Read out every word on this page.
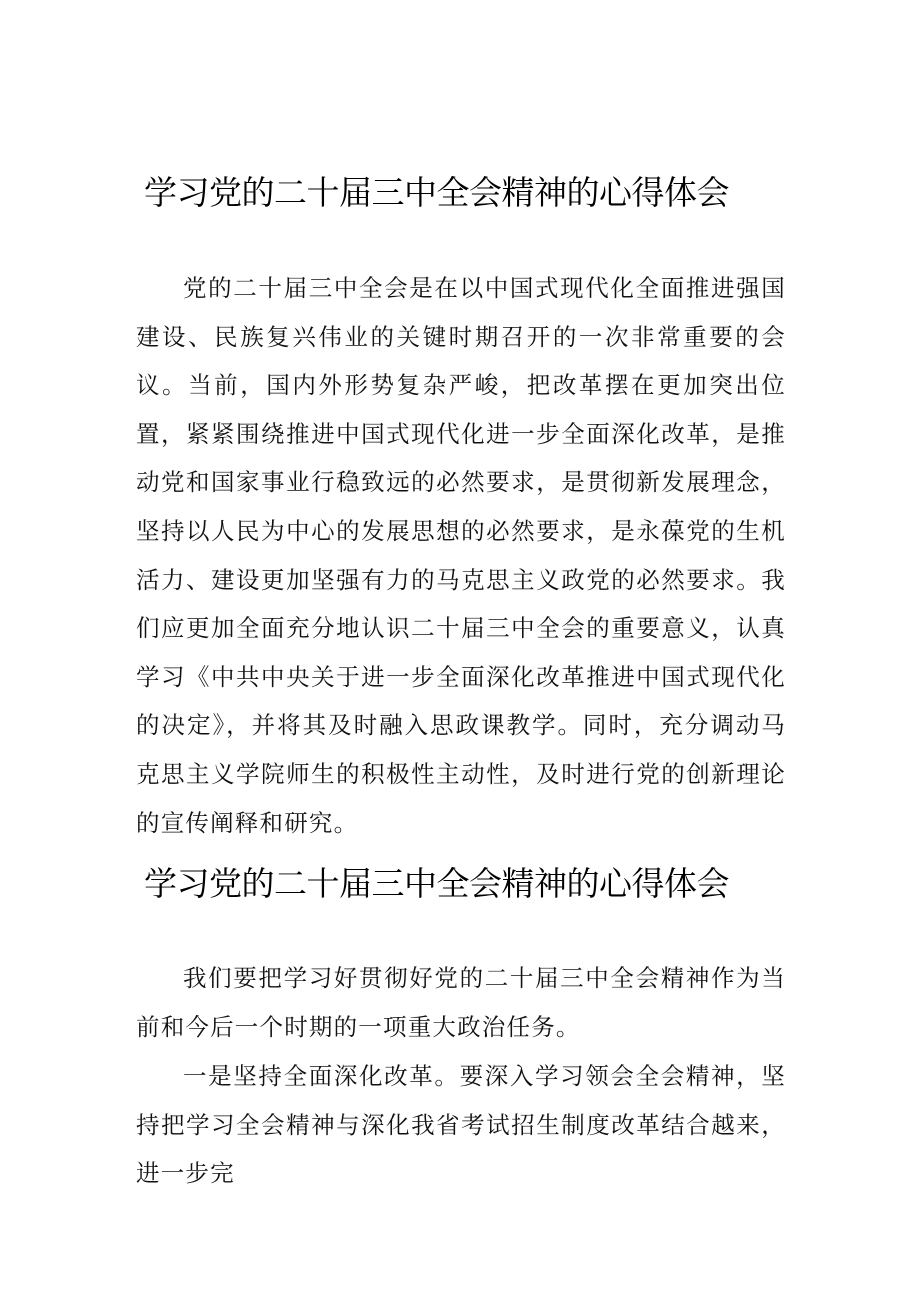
学习党的二十届三中全会精神的心得体会

党的二十届三中全会是在以中国式现代化全面推进强国建设、民族复兴伟业的关键时期召开的一次非常重要的会议。当前，国内外形势复杂严峻，把改革摆在更加突出位置，紧紧围绕推进中国式现代化进一步全面深化改革，是推动党和国家事业行稳致远的必然要求，是贯彻新发展理念，坚持以人民为中心的发展思想的必然要求，是永葆党的生机活力、建设更加坚强有力的马克思主义政党的必然要求。我们应更加全面充分地认识二十届三中全会的重要意义，认真学习《中共中央关于进一步全面深化改革推进中国式现代化的决定》，并将其及时融入思政课教学。同时，充分调动马克思主义学院师生的积极性主动性，及时进行党的创新理论的宣传阐释和研究。

学习党的二十届三中全会精神的心得体会

我们要把学习好贯彻好党的二十届三中全会精神作为当前和今后一个时期的一项重大政治任务。

一是坚持全面深化改革。要深入学习领会全会精神，坚持把学习全会精神与深化我省考试招生制度改革结合越来，进一步完
